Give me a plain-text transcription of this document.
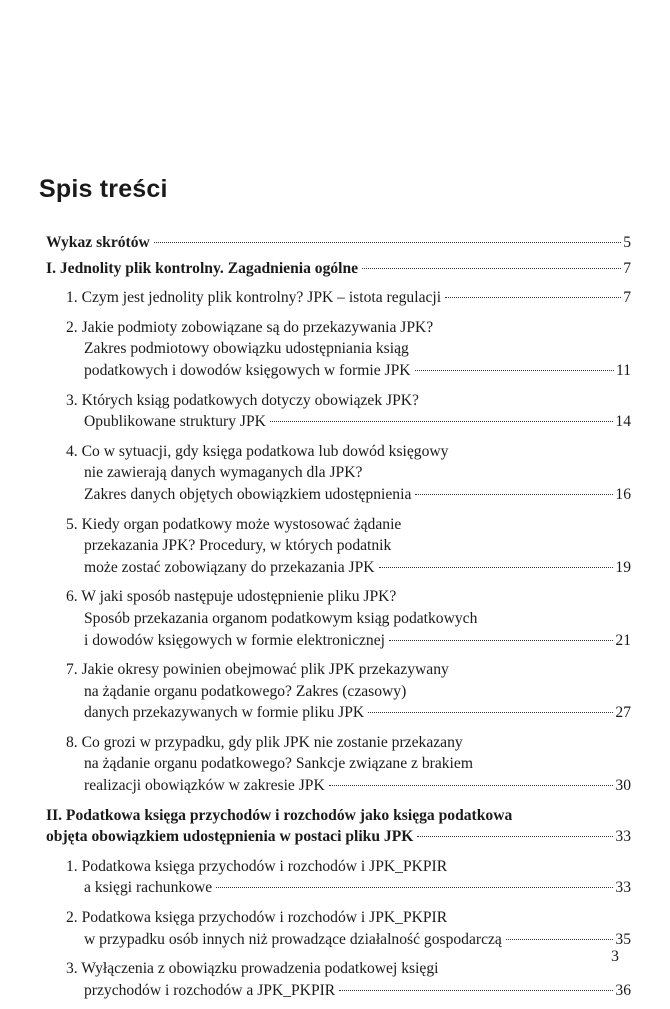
Spis treści
Wykaz skrótów	5
I. Jednolity plik kontrolny. Zagadnienia ogólne	7
1. Czym jest jednolity plik kontrolny? JPK – istota regulacji	7
2. Jakie podmioty zobowiązane są do przekazywania JPK?
Zakres podmiotowy obowiązku udostępniania ksiąg
podatkowych i dowodów księgowych w formie JPK	11
3. Których ksiąg podatkowych dotyczy obowiązek JPK?
Opublikowane struktury JPK	14
4. Co w sytuacji, gdy księga podatkowa lub dowód księgowy
nie zawierają danych wymaganych dla JPK?
Zakres danych objętych obowiązkiem udostępnienia	16
5. Kiedy organ podatkowy może wystosować żądanie
przekazania JPK? Procedury, w których podatnik
może zostać zobowiązany do przekazania JPK	19
6. W jaki sposób następuje udostępnienie pliku JPK?
Sposób przekazania organom podatkowym ksiąg podatkowych
i dowodów księgowych w formie elektronicznej	21
7. Jakie okresy powinien obejmować plik JPK przekazywany
na żądanie organu podatkowego? Zakres (czasowy)
danych przekazywanych w formie pliku JPK	27
8. Co grozi w przypadku, gdy plik JPK nie zostanie przekazany
na żądanie organu podatkowego? Sankcje związane z brakiem
realizacji obowiązków w zakresie JPK	30
II. Podatkowa księga przychodów i rozchodów jako księga podatkowa
objęta obowiązkiem udostępnienia w postaci pliku JPK	33
1. Podatkowa księga przychodów i rozchodów i JPK_PKPIR
a księgi rachunkowe	33
2. Podatkowa księga przychodów i rozchodów i JPK_PKPIR
w przypadku osób innych niż prowadzące działalność gospodarczą	35
3. Wyłączenia z obowiązku prowadzenia podatkowej księgi
przychodów i rozchodów a JPK_PKPIR	36
3
